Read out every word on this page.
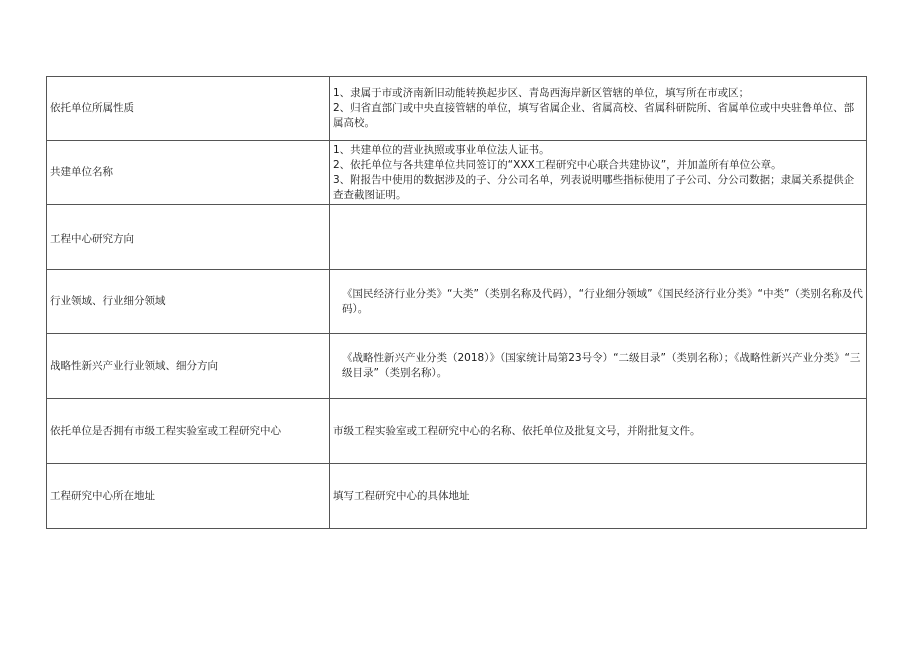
依托单位所属性质	1、隶属于市或济南新旧动能转换起步区、青岛西海岸新区管辖的单位，填写所在市或区；
2、归省直部门或中央直接管辖的单位，填写省属企业、省属高校、省属科研院所、省属单位或中央驻鲁单位、部属高校。

共建单位名称	1、共建单位的营业执照或事业单位法人证书。
2、依托单位与各共建单位共同签订的“XXX工程研究中心联合共建协议”，并加盖所有单位公章。
3、附报告中使用的数据涉及的子、分公司名单，列表说明哪些指标使用了子公司、分公司数据；隶属关系提供企查查截图证明。

工程中心研究方向	
行业领域、行业细分领域	《国民经济行业分类》“大类”（类别名称及代码），“行业细分领域”《国民经济行业分类》“中类”（类别名称及代码）。

战略性新兴产业行业领域、细分方向	《战略性新兴产业分类（2018）》（国家统计局第23号令）“二级目录”（类别名称）；《战略性新兴产业分类》“三级目录”（类别名称）。

依托单位是否拥有市级工程实验室或工程研究中心	市级工程实验室或工程研究中心的名称、依托单位及批复文号，并附批复文件。

工程研究中心所在地址	填写工程研究中心的具体地址
